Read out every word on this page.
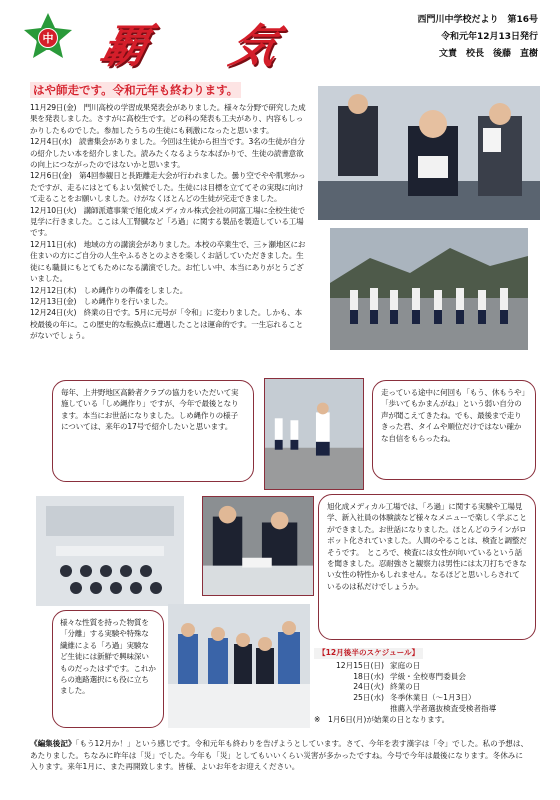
中 覇 気	西門川中学校だより　第16号
令和元年12月13日発行
文責　校長　後藤　直樹
はや師走です。令和元年も終わります。

11月29日(金)　門川高校の学習成果発表会がありました。様々な分野で研究した成果を発表しました。さすがに高校生です。どの科の発表も工夫があり、内容もしっかりしたものでした。参加したうちの生徒にも刺激になったと思います。

12月4日(水)　読書集会がありました。今回は生徒から担当です。3名の生徒が自分の紹介したい本を紹介しました。読みたくなるような本ばかりで、生徒の読書意欲の向上につながったのではないかと思います。

12月6日(金)　第4回参観日と長距離走大会が行われました。曇り空でやや肌寒かったですが、走るにはとてもよい気候でした。生徒には目標を立ててその実現に向けて走ることをお願いしました。けがなくほとんどの生徒が完走できました。

12月10日(火)　講師派遣事業で旭化成メディカル株式会社の同富工場に全校生徒で見学に行きました。ここは人工腎臓など「ろ過」に関する製品を製造している工場です。

12月11日(水)　地域の方の講演会がありました。本校の卒業生で、三ヶ瀬地区にお住まいの方にご自分の人生やふるさとのよさを楽しくお話していただきました。生徒にも職員にもとてもためになる講演でした。お忙しい中、本当にありがとうございました。

12月12日(木)　しめ縄作りの準備をしました。

12月13日(金)　しめ縄作りを行いました。

12月24日(火)　終業の日です。5月に元号が「令和」に変わりました。しかも、本校最後の年に。この歴史的な転換点に遭遇したことは運命的です。一生忘れることがないでしょう。

毎年、上井野地区高齢者クラブの協力をいただいて実施している「しめ縄作り」ですが、今年で最後となります。本当にお世話になりました。しめ縄作りの様子については、来年の17号で紹介したいと思います。
走っている途中に何回も「もう、休もうや」「歩いてもかまんがね」という弱い自分の声が聞こえてきたね。でも、最後まで走りきった君、タイムや順位だけではない確かな自信をもらったね。
旭化成メディカル工場では、「ろ過」に関する実験や工場見学、新入社員の体験談など様々なメニューで楽しく学ぶことができました。お世話になりました。ほとんどのラインがロボット化されていました。人間のやることは、検査と調整だそうです。　ところで、検査には女性が向いているという話を聞きました。忍耐強さと観察力は男性には太刀打ちできない女性の特性かもしれません。なるほどと思いしらされているのは私だけでしょうか。
様々な性質を持った物質を「分離」する実験や特殊な繊維による「ろ過」実験など生徒には新鮮で興味深いものだったはずです。これからの進路選択にも役に立ちました。
【12月後半のスケジュール】
12月15日(日) 家庭の日
18日(水) 学級・全校専門委員会
24日(火) 終業の日
25日(水) 冬季休業日（～1月3日）
推薦入学者選抜検査受検者指導
※　1月6日(月)が始業の日となります。
《編集後記》「もう12月か！」という感じです。令和元年も終わりを告げようとしています。さて、今年を表す漢字は「令」でした。私の予想は、あたりました。ちなみに昨年は「災」でした。今年も「災」としてもいいくらい災害が多かったですね。今号で今年は最後になります。冬休みに入ります。来年1月に、また再開致します。皆様、よいお年をお迎えください。
